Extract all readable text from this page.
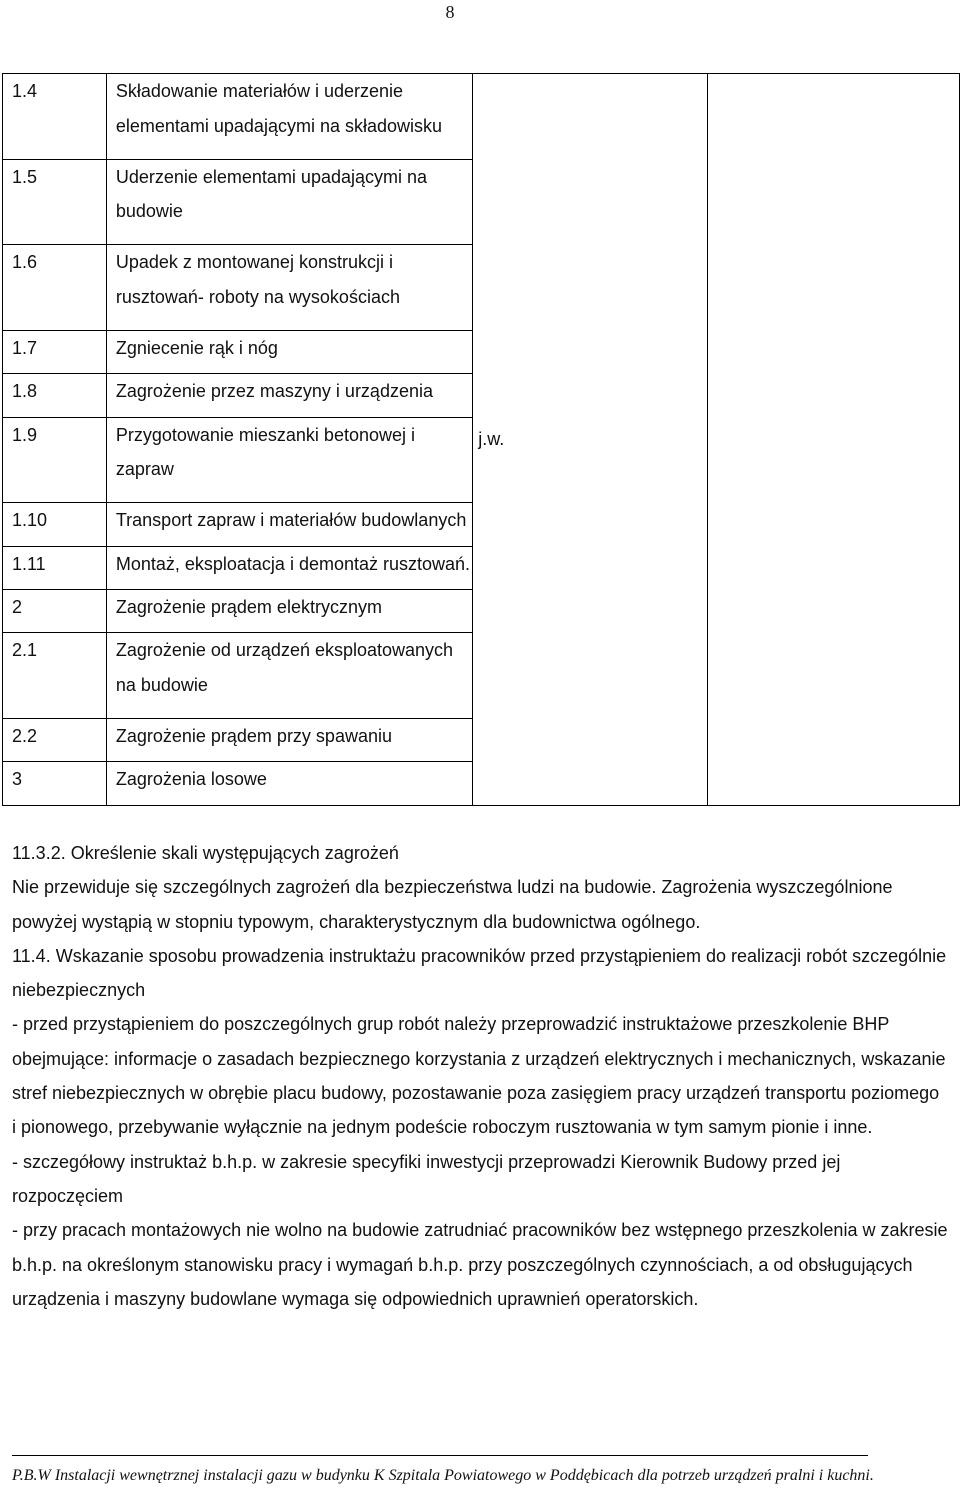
8
1.4	Składowanie materiałów i uderzenie elementami upadającymi na składowisku	j.w.	

1.5	Uderzenie elementami upadającymi na budowie		
1.6	Upadek z montowanej konstrukcji i rusztowań- roboty na wysokościach		
1.7	Zgniecenie rąk i nóg		
1.8	Zagrożenie przez maszyny i urządzenia		
1.9	Przygotowanie mieszanki betonowej i zapraw		
1.10	Transport zapraw i materiałów budowlanych		
1.11	Montaż, eksploatacja i demontaż rusztowań.		
2	Zagrożenie prądem elektrycznym		
2.1	Zagrożenie od urządzeń eksploatowanych na budowie		
2.2	Zagrożenie prądem przy spawaniu		
3	Zagrożenia losowe		

11.3.2. Określenie skali występujących zagrożeń

Nie przewiduje się szczególnych zagrożeń dla bezpieczeństwa ludzi na budowie. Zagrożenia wyszczególnione powyżej wystąpią w stopniu typowym, charakterystycznym dla budownictwa ogólnego.

11.4. Wskazanie sposobu prowadzenia instruktażu pracowników przed przystąpieniem do realizacji robót szczególnie niebezpiecznych

- przed przystąpieniem do poszczególnych grup robót należy przeprowadzić instruktażowe przeszkolenie BHP obejmujące: informacje o zasadach bezpiecznego korzystania z urządzeń elektrycznych i mechanicznych, wskazanie stref niebezpiecznych w obrębie placu budowy, pozostawanie poza zasięgiem pracy urządzeń transportu poziomego i pionowego, przebywanie wyłącznie na jednym podeście roboczym rusztowania w tym samym pionie i inne.

- szczegółowy instruktaż b.h.p. w zakresie specyfiki inwestycji przeprowadzi Kierownik Budowy przed jej rozpoczęciem

- przy pracach montażowych nie wolno na budowie zatrudniać pracowników bez wstępnego przeszkolenia w zakresie b.h.p. na określonym stanowisku pracy i wymagań b.h.p. przy poszczególnych czynnościach, a od obsługujących urządzenia i maszyny budowlane wymaga się odpowiednich uprawnień operatorskich.

P.B.W Instalacji wewnętrznej instalacji gazu w budynku K Szpitala Powiatowego w Poddębicach dla potrzeb urządzeń pralni i kuchni.
